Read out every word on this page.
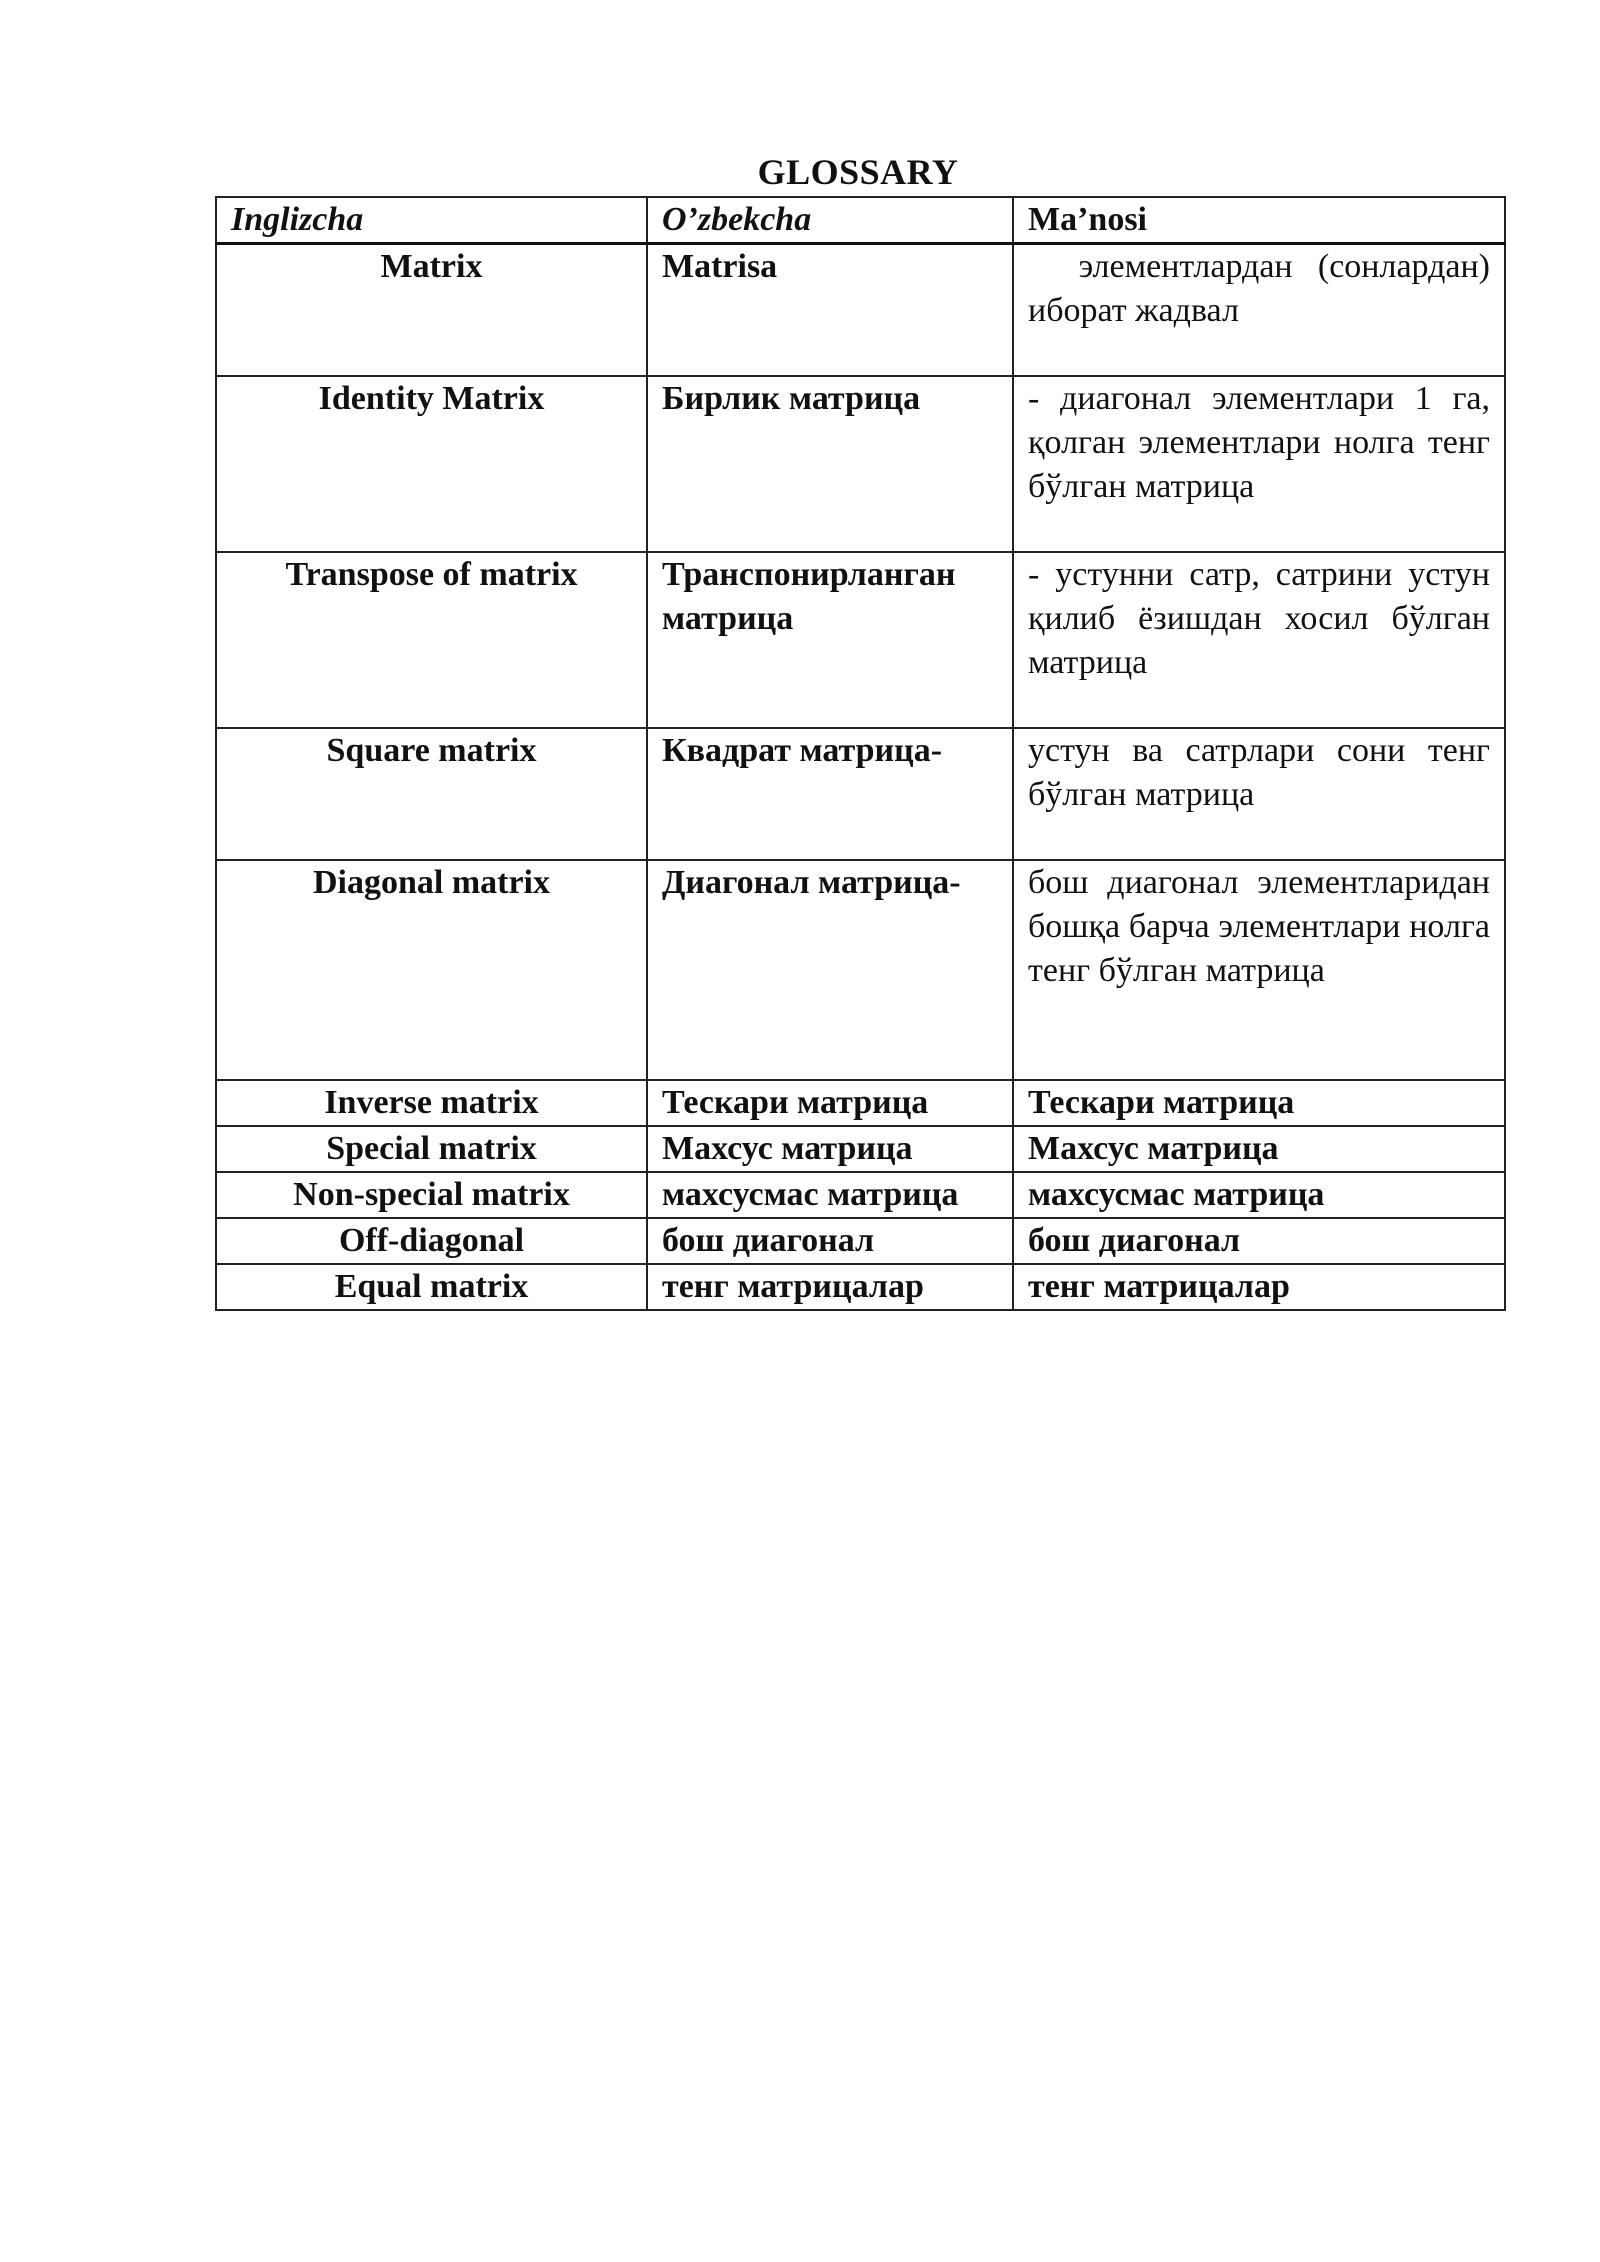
GLOSSARY
Inglizcha	O’zbekcha	Ma’nosi
Matrix	Matrisa	элементлардан (сонлардан) иборат жадвал
Identity Matrix	Бирлик матрица	- диагонал элементлари 1 га, қолган элементлари нолга тенг бўлган матрица
Transpose of matrix	Транспонирланган матрица	- устунни сатр, сатрини устун қилиб ёзишдан хосил бўлган матрица
Square matrix	Квадрат матрица-	устун ва сатрлари сони тенг бўлган матрица
Diagonal matrix	Диагонал матрица-	бош диагонал элементларидан бошқа барча элементлари нолга тенг бўлган матрица
Inverse matrix	Тескари матрица	Тескари матрица
Special matrix	Махсус матрица	Махсус матрица
Non-special matrix	махсусмас матрица	махсусмас матрица
Off-diagonal	бош диагонал	бош диагонал
Equal matrix	тенг матрицалар	тенг матрицалар
